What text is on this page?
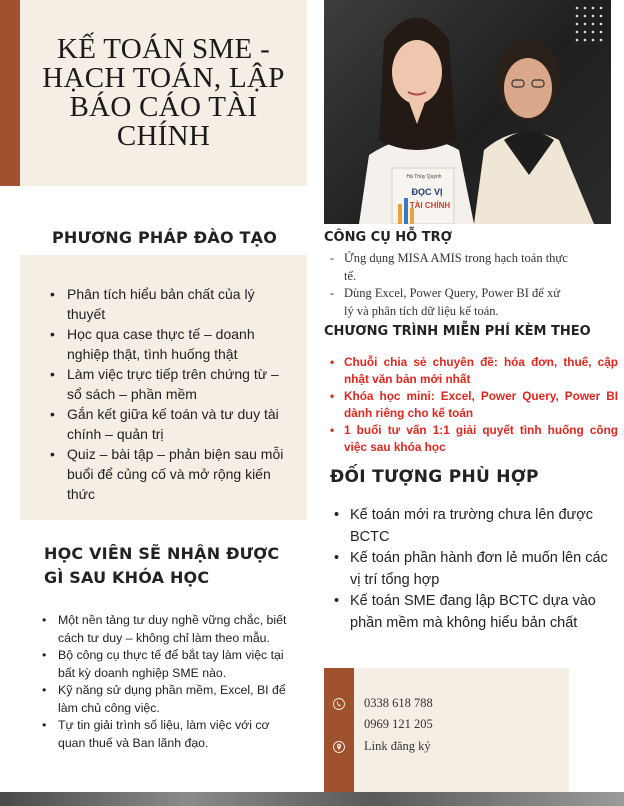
KẾ TOÁN SME -
HẠCH TOÁN, LẬP
BÁO CÁO TÀI
CHÍNH
Hà Thúy Quỳnh
ĐỌC VỊ
TÀI CHÍNH
PHƯƠNG PHÁP ĐÀO TẠO
• Phân tích hiểu bản chất của lý thuyết
• Học qua case thực tế – doanh nghiệp thật, tình huống thật
• Làm việc trực tiếp trên chứng từ – sổ sách – phần mềm
• Gắn kết giữa kế toán và tư duy tài chính – quản trị
• Quiz – bài tập – phản biện sau mỗi buổi để củng cố và mở rộng kiến thức
HỌC VIÊN SẼ NHẬN ĐƯỢC
GÌ SAU KHÓA HỌC
• Một nền tảng tư duy nghề vững chắc, biết cách tư duy – không chỉ làm theo mẫu.
• Bộ công cụ thực tế để bắt tay làm việc tại bất kỳ doanh nghiệp SME nào.
• Kỹ năng sử dụng phần mềm, Excel, BI để làm chủ công việc.
• Tự tin giải trình số liệu, làm việc với cơ quan thuế và Ban lãnh đạo.
CÔNG CỤ HỖ TRỢ
- Ứng dụng MISA AMIS trong hạch toán thực tế.
- Dùng Excel, Power Query, Power BI để xử lý và phân tích dữ liệu kế toán.
CHƯƠNG TRÌNH MIỄN PHÍ KÈM THEO
• Chuỗi chia sẻ chuyên đề: hóa đơn, thuế, cập nhật văn bản mới nhất
• Khóa học mini: Excel, Power Query, Power BI dành riêng cho kế toán
• 1 buổi tư vấn 1:1 giải quyết tình huống công việc sau khóa học
ĐỐI TƯỢNG PHÙ HỢP
• Kế toán mới ra trường chưa lên được BCTC
• Kế toán phần hành đơn lẻ muốn lên các vị trí tổng hợp
• Kế toán SME đang lập BCTC dựa vào phần mềm mà không hiểu bản chất
0338 618 788
0969 121 205
Link đăng ký
